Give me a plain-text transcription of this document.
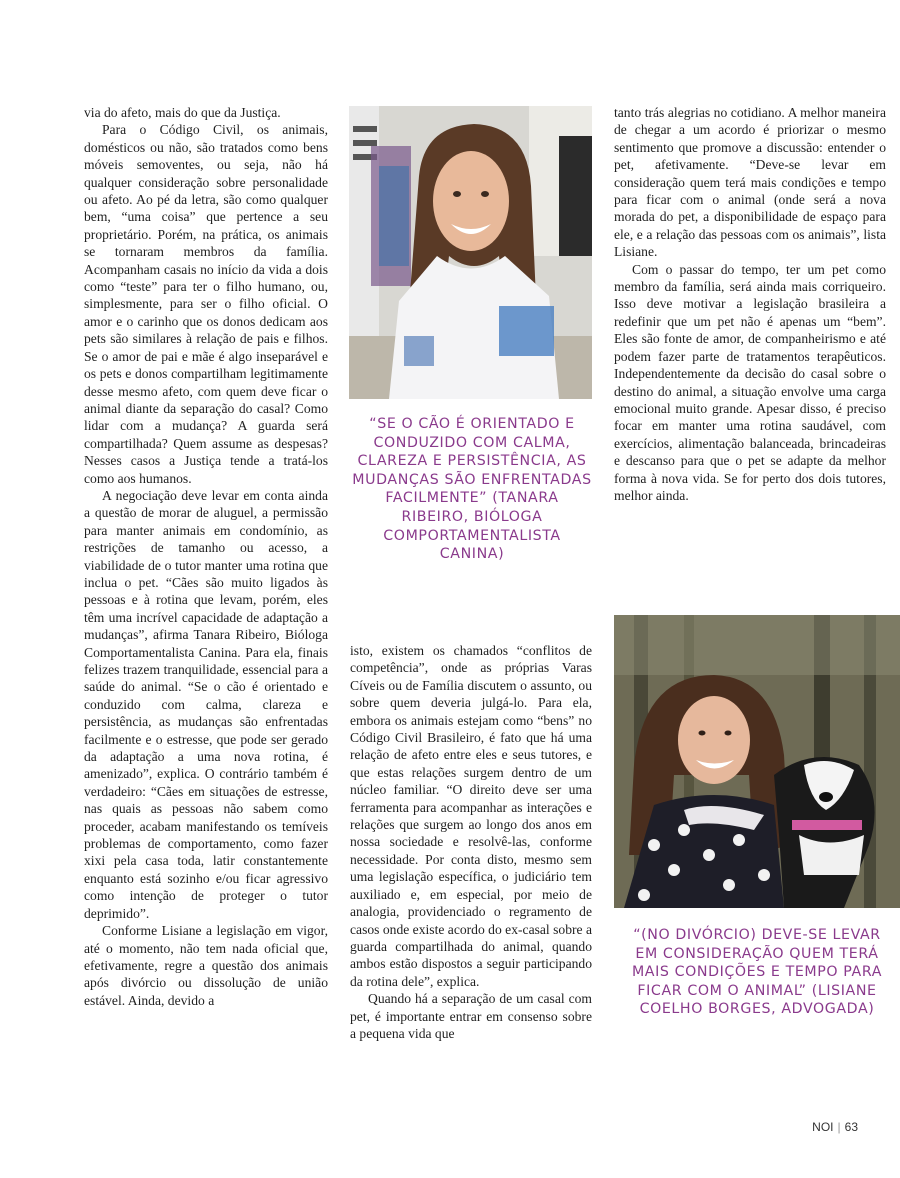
via do afeto, mais do que da Justiça.

Para o Código Civil, os animais, domésticos ou não, são tratados como bens móveis semoventes, ou seja, não há qualquer consideração sobre personalidade ou afeto. Ao pé da letra, são como qualquer bem, “uma coisa” que pertence a seu proprietário. Porém, na prática, os animais se tornaram membros da família. Acompanham casais no início da vida a dois como “teste” para ter o filho humano, ou, simplesmente, para ser o filho oficial. O amor e o carinho que os donos dedicam aos pets são similares à relação de pais e filhos. Se o amor de pai e mãe é algo inseparável e os pets e donos compartilham legitimamente desse mesmo afeto, com quem deve ficar o animal diante da separação do casal? Como lidar com a mudança? A guarda será compartilhada? Quem assume as despesas? Nesses casos a Justiça tende a tratá-los como aos humanos.

A negociação deve levar em conta ainda a questão de morar de aluguel, a permissão para manter animais em condomínio, as restrições de tamanho ou acesso, a viabilidade de o tutor manter uma rotina que inclua o pet. “Cães são muito ligados às pessoas e à rotina que levam, porém, eles têm uma incrível capacidade de adaptação a mudanças”, afirma Tanara Ribeiro, Bióloga Comportamentalista Canina. Para ela, finais felizes trazem tranquilidade, essencial para a saúde do animal. “Se o cão é orientado e conduzido com calma, clareza e persistência, as mudanças são enfrentadas facilmente e o estresse, que pode ser gerado da adaptação a uma nova rotina, é amenizado”, explica. O contrário também é verdadeiro: “Cães em situações de estresse, nas quais as pessoas não sabem como proceder, acabam manifestando os temíveis problemas de comportamento, como fazer xixi pela casa toda, latir constantemente enquanto está sozinho e/ou ficar agressivo como intenção de proteger o tutor deprimido”.

Conforme Lisiane a legislação em vigor, até o momento, não tem nada oficial que, efetivamente, regre a questão dos animais após divórcio ou dissolução de união estável. Ainda, devido a

“SE O CÃO É ORIENTADO E CONDUZIDO COM CALMA, CLAREZA E PERSISTÊNCIA, AS MUDANÇAS SÃO ENFRENTADAS FACILMENTE” (TANARA RIBEIRO, BIÓLOGA COMPORTAMENTALISTA CANINA)

isto, existem os chamados “conflitos de competência”, onde as próprias Varas Cíveis ou de Família discutem o assunto, ou sobre quem deveria julgá-lo. Para ela, embora os animais estejam como “bens” no Código Civil Brasileiro, é fato que há uma relação de afeto entre eles e seus tutores, e que estas relações surgem dentro de um núcleo familiar. “O direito deve ser uma ferramenta para acompanhar as interações e relações que surgem ao longo dos anos em nossa sociedade e resolvê-las, conforme necessidade. Por conta disto, mesmo sem uma legislação específica, o judiciário tem auxiliado e, em especial, por meio de analogia, providenciado o regramento de casos onde existe acordo do ex-casal sobre a guarda compartilhada do animal, quando ambos estão dispostos a seguir participando da rotina dele”, explica.

Quando há a separação de um casal com pet, é importante entrar em consenso sobre a pequena vida que

tanto trás alegrias no cotidiano. A melhor maneira de chegar a um acordo é priorizar o mesmo sentimento que promove a discussão: entender o pet, afetivamente. “Deve-se levar em consideração quem terá mais condições e tempo para ficar com o animal (onde será a nova morada do pet, a disponibilidade de espaço para ele, e a relação das pessoas com os animais”, lista Lisiane.

Com o passar do tempo, ter um pet como membro da família, será ainda mais corriqueiro. Isso deve motivar a legislação brasileira a redefinir que um pet não é apenas um “bem”. Eles são fonte de amor, de companheirismo e até podem fazer parte de tratamentos terapêuticos. Independentemente da decisão do casal sobre o destino do animal, a situação envolve uma carga emocional muito grande. Apesar disso, é preciso focar em manter uma rotina saudável, com exercícios, alimentação balanceada, brincadeiras e descanso para que o pet se adapte da melhor forma à nova vida. Se for perto dos dois tutores, melhor ainda.

“(NO DIVÓRCIO) DEVE-SE LEVAR EM CONSIDERAÇÃO QUEM TERÁ MAIS CONDIÇÕES E TEMPO PARA FICAR COM O ANIMAL” (LISIANE COELHO BORGES, ADVOGADA)
NOI | 63
